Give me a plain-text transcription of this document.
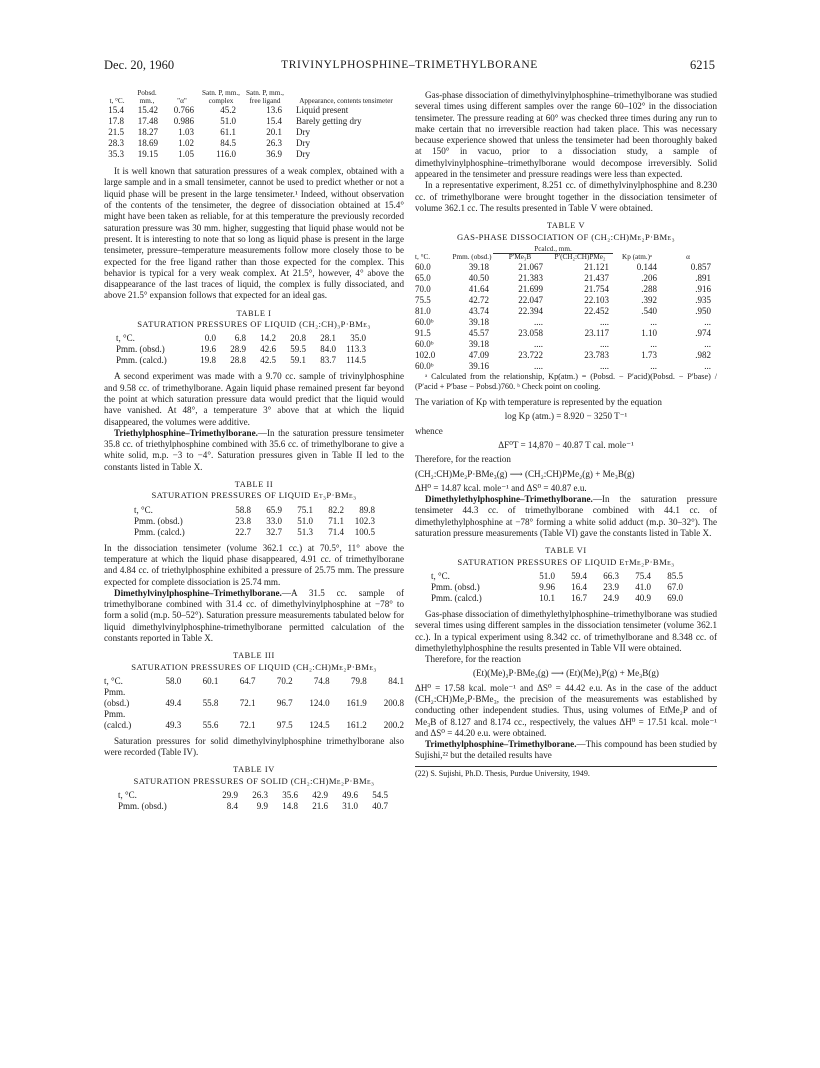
Dec. 20, 1960	TRIVINYLPHOSPHINE–TRIMETHYLBORANE	6215
t, °C.	Pobsd. mm.,	"α"	Satn. P, mm., complex	Satn. P, mm., free ligand	Appearance, contents tensimeter
15.4	15.42	0.766	45.2	13.6	Liquid present
17.8	17.48	0.986	51.0	15.4	Barely getting dry
21.5	18.27	1.03	61.1	20.1	Dry
28.3	18.69	1.02	84.5	26.3	Dry
35.3	19.15	1.05	116.0	36.9	Dry

It is well known that saturation pressures of a weak complex, obtained with a large sample and in a small tensimeter, cannot be used to predict whether or not a liquid phase will be present in the large tensimeter.¹ Indeed, without observation of the contents of the tensimeter, the degree of dissociation obtained at 15.4° might have been taken as reliable, for at this temperature the previously recorded saturation pressure was 30 mm. higher, suggesting that liquid phase would not be present. It is interesting to note that so long as liquid phase is present in the large tensimeter, pressure–temperature measurements follow more closely those to be expected for the free ligand rather than those expected for the complex. This behavior is typical for a very weak complex. At 21.5°, however, 4° above the disappearance of the last traces of liquid, the complex is fully dissociated, and above 21.5° expansion follows that expected for an ideal gas.

TABLE I
SATURATION PRESSURES OF LIQUID (CH₂:CH)₃P·BMe₃
t, °C.	0.0	6.8	14.2	20.8	28.1	35.0
Pmm. (obsd.)	19.6	28.9	42.6	59.5	84.0	113.3
Pmm. (calcd.)	19.8	28.8	42.5	59.1	83.7	114.5

A second experiment was made with a 9.70 cc. sample of trivinylphosphine and 9.58 cc. of trimethylborane. Again liquid phase remained present far beyond the point at which saturation pressure data would predict that the liquid would have vanished. At 48°, a temperature 3° above that at which the liquid disappeared, the volumes were additive.

Triethylphosphine–Trimethylborane.—In the saturation pressure tensimeter 35.8 cc. of triethylphosphine combined with 35.6 cc. of trimethylborane to give a white solid, m.p. −3 to −4°. Saturation pressures given in Table II led to the constants listed in Table X.

TABLE II
SATURATION PRESSURES OF LIQUID Et₃P·BMe₃
t, °C.	58.8	65.9	75.1	82.2	89.8
Pmm. (obsd.)	23.8	33.0	51.0	71.1	102.3
Pmm. (calcd.)	22.7	32.7	51.3	71.4	100.5

In the dissociation tensimeter (volume 362.1 cc.) at 70.5°, 11° above the temperature at which the liquid phase disappeared, 4.91 cc. of trimethylborane and 4.84 cc. of triethylphosphine exhibited a pressure of 25.75 mm. The pressure expected for complete dissociation is 25.74 mm.

Dimethylvinylphosphine–Trimethylborane.—A 31.5 cc. sample of trimethylborane combined with 31.4 cc. of dimethylvinylphosphine at −78° to form a solid (m.p. 50–52°). Saturation pressure measurements tabulated below for liquid dimethylvinylphosphine-trimethylborane permitted calculation of the constants reported in Table X.

TABLE III
SATURATION PRESSURES OF LIQUID (CH₂:CH)Me₂P·BMe₃
t, °C.	58.0	60.1	64.7	70.2	74.8	79.8	84.1
Pmm.							
(obsd.)	49.4	55.8	72.1	96.7	124.0	161.9	200.8
Pmm.							
(calcd.)	49.3	55.6	72.1	97.5	124.5	161.2	200.2

Saturation pressures for solid dimethylvinylphosphine trimethylborane also were recorded (Table IV).

TABLE IV
SATURATION PRESSURES OF SOLID (CH₂:CH)Me₂P·BMe₃
t, °C.	29.9	26.3	35.6	42.9	49.6	54.5
Pmm. (obsd.)	8.4	9.9	14.8	21.6	31.0	40.7

Gas-phase dissociation of dimethylvinylphosphine–trimethylborane was studied several times using different samples over the range 60–102° in the dissociation tensimeter. The pressure reading at 60° was checked three times during any run to make certain that no irreversible reaction had taken place. This was necessary because experience showed that unless the tensimeter had been thoroughly baked at 150° in vacuo, prior to a dissociation study, a sample of dimethylvinylphosphine–trimethylborane would decompose irreversibly. Solid appeared in the tensimeter and pressure readings were less than expected.

In a representative experiment, 8.251 cc. of dimethylvinylphosphine and 8.230 cc. of trimethylborane were brought together in the dissociation tensimeter of volume 362.1 cc. The results presented in Table V were obtained.

TABLE V
GAS-PHASE DISSOCIATION OF (CH₂:CH)Me₂P·BMe₃
		Pcalcd., mm.			
t, °C.	Pmm. (obsd.)	P′Me₃B	P′(CH₂:CH)PMe₂	Kp (atm.)ᵃ	α
60.0	39.18	21.067	21.121	0.144	0.857
65.0	40.50	21.383	21.437	.206	.891
70.0	41.64	21.699	21.754	.288	.916
75.5	42.72	22.047	22.103	.392	.935
81.0	43.74	22.394	22.452	.540	.950
60.0ᵇ	39.18	....	....	...	...
91.5	45.57	23.058	23.117	1.10	.974
60.0ᵇ	39.18	....	....	...	...
102.0	47.09	23.722	23.783	1.73	.982
60.0ᵇ	39.16	....	....	...	...

ᵃ Calculated from the relationship, Kp(atm.) = (Pobsd. − P′acid)(Pobsd. − P′base) / (P′acid + P′base − Pobsd.)760. ᵇ Check point on cooling.

The variation of Kp with temperature is represented by the equation

log Kp (atm.) = 8.920 − 3250 T⁻¹

whence

ΔF⁰T = 14,870 − 40.87 T cal. mole⁻¹

Therefore, for the reaction

(CH₂:CH)Me₂P·BMe₃(g) ⟶ (CH₂:CH)PMe₂(g) + Me₃B(g)

ΔH⁰ = 14.87 kcal. mole⁻¹ and ΔS⁰ = 40.87 e.u.

Dimethylethylphosphine–Trimethylborane.—In the saturation pressure tensimeter 44.3 cc. of trimethylborane combined with 44.1 cc. of dimethylethylphosphine at −78° forming a white solid adduct (m.p. 30–32°). The saturation pressure measurements (Table VI) gave the constants listed in Table X.

TABLE VI
SATURATION PRESSURES OF LIQUID EtMe₂P·BMe₃
t, °C.	51.0	59.4	66.3	75.4	85.5
Pmm. (obsd.)	9.96	16.4	23.9	41.0	67.0
Pmm. (calcd.)	10.1	16.7	24.9	40.9	69.0

Gas-phase dissociation of dimethylethylphosphine–trimethylborane was studied several times using different samples in the dissociation tensimeter (volume 362.1 cc.). In a typical experiment using 8.342 cc. of trimethylborane and 8.348 cc. of dimethylethylphosphine the results presented in Table VII were obtained.

Therefore, for the reaction

(Et)(Me)₂P·BMe₃(g) ⟶ (Et)(Me)₂P(g) + Me₃B(g)

ΔH⁰ = 17.58 kcal. mole⁻¹ and ΔS⁰ = 44.42 e.u. As in the case of the adduct (CH₂:CH)Me₂P·BMe₃, the precision of the measurements was established by conducting other independent studies. Thus, using volumes of EtMe₂P and of Me₃B of 8.127 and 8.174 cc., respectively, the values ΔH⁰ = 17.51 kcal. mole⁻¹ and ΔS⁰ = 44.20 e.u. were obtained.

Trimethylphosphine–Trimethylborane.—This compound has been studied by Sujishi,²² but the detailed results have

(22) S. Sujishi, Ph.D. Thesis, Purdue University, 1949.
